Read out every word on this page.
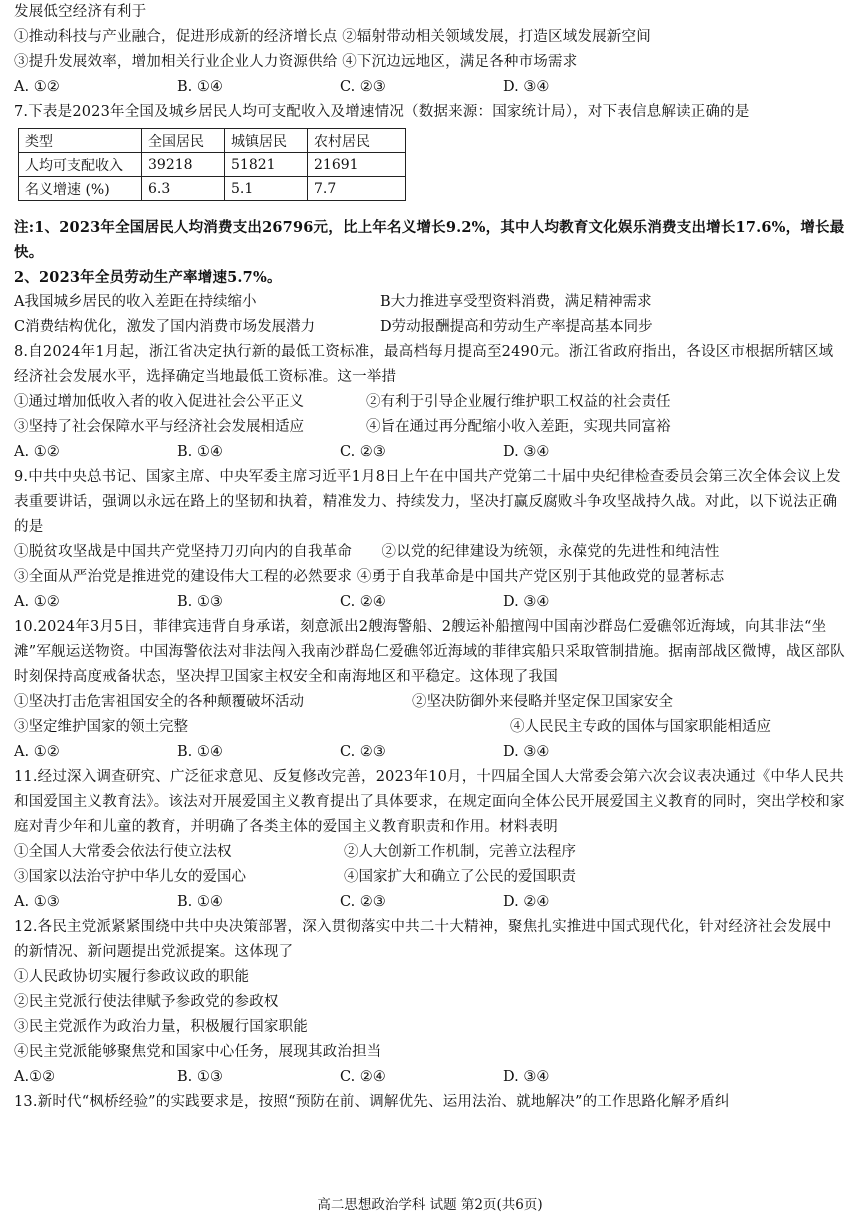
发展低空经济有利于
①推动科技与产业融合，促进形成新的经济增长点 ②辐射带动相关领域发展，打造区域发展新空间
③提升发展效率，增加相关行业企业人力资源供给 ④下沉边远地区，满足各种市场需求
A. ①②	B. ①④	C. ②③	D. ③④
7.下表是2023年全国及城乡居民人均可支配收入及增速情况（数据来源：国家统计局），对下表信息解读正确的是
类型	全国居民	城镇居民	农村居民
人均可支配收入	39218	51821	21691
名义增速 (%)	6.3	5.1	7.7
注:1、2023年全国居民人均消费支出26796元，比上年名义增长9.2%，其中人均教育文化娱乐消费支出增长17.6%，增长最快。
2、2023年全员劳动生产率增速5.7%。
A我国城乡居民的收入差距在持续缩小	B大力推进享受型资料消费，满足精神需求
C消费结构优化，激发了国内消费市场发展潜力	D劳动报酬提高和劳动生产率提高基本同步
8.自2024年1月起，浙江省决定执行新的最低工资标准，最高档每月提高至2490元。浙江省政府指出，各设区市根据所辖区域经济社会发展水平，选择确定当地最低工资标准。这一举措
①通过增加低收入者的收入促进社会公平正义	②有利于引导企业履行维护职工权益的社会责任
③坚持了社会保障水平与经济社会发展相适应	④旨在通过再分配缩小收入差距，实现共同富裕
A. ①②	B. ①④	C. ②③	D. ③④
9.中共中央总书记、国家主席、中央军委主席习近平1月8日上午在中国共产党第二十届中央纪律检查委员会第三次全体会议上发表重要讲话，强调以永远在路上的坚韧和执着，精准发力、持续发力，坚决打赢反腐败斗争攻坚战持久战。对此，以下说法正确的是
①脱贫攻坚战是中国共产党坚持刀刃向内的自我革命　　②以党的纪律建设为统领，永葆党的先进性和纯洁性
③全面从严治党是推进党的建设伟大工程的必然要求 ④勇于自我革命是中国共产党区别于其他政党的显著标志
A. ①②	B. ①③	C. ②④	D. ③④
10.2024年3月5日，菲律宾违背自身承诺，刻意派出2艘海警船、2艘运补船擅闯中国南沙群岛仁爱礁邻近海域，向其非法“坐滩”军舰运送物资。中国海警依法对非法闯入我南沙群岛仁爱礁邻近海域的菲律宾船只采取管制措施。据南部战区微博，战区部队时刻保持高度戒备状态，坚决捍卫国家主权安全和南海地区和平稳定。这体现了我国
①坚决打击危害祖国安全的各种颠覆破坏活动	②坚决防御外来侵略并坚定保卫国家安全
③坚定维护国家的领土完整	④人民民主专政的国体与国家职能相适应
A. ①②	B. ①④	C. ②③	D. ③④
11.经过深入调查研究、广泛征求意见、反复修改完善，2023年10月，十四届全国人大常委会第六次会议表决通过《中华人民共和国爱国主义教育法》。该法对开展爱国主义教育提出了具体要求，在规定面向全体公民开展爱国主义教育的同时，突出学校和家庭对青少年和儿童的教育，并明确了各类主体的爱国主义教育职责和作用。材料表明
①全国人大常委会依法行使立法权	②人大创新工作机制，完善立法程序
③国家以法治守护中华儿女的爱国心	④国家扩大和确立了公民的爱国职责
A. ①③	B. ①④	C. ②③	D. ②④
12.各民主党派紧紧围绕中共中央决策部署，深入贯彻落实中共二十大精神，聚焦扎实推进中国式现代化，针对经济社会发展中的新情况、新问题提出党派提案。这体现了
①人民政协切实履行参政议政的职能
②民主党派行使法律赋予参政党的参政权
③民主党派作为政治力量，积极履行国家职能
④民主党派能够聚焦党和国家中心任务，展现其政治担当
A.①②	B. ①③	C. ②④	D. ③④
13.新时代“枫桥经验”的实践要求是，按照“预防在前、调解优先、运用法治、就地解决”的工作思路化解矛盾纠
高二思想政治学科 试题 第2页(共6页)
